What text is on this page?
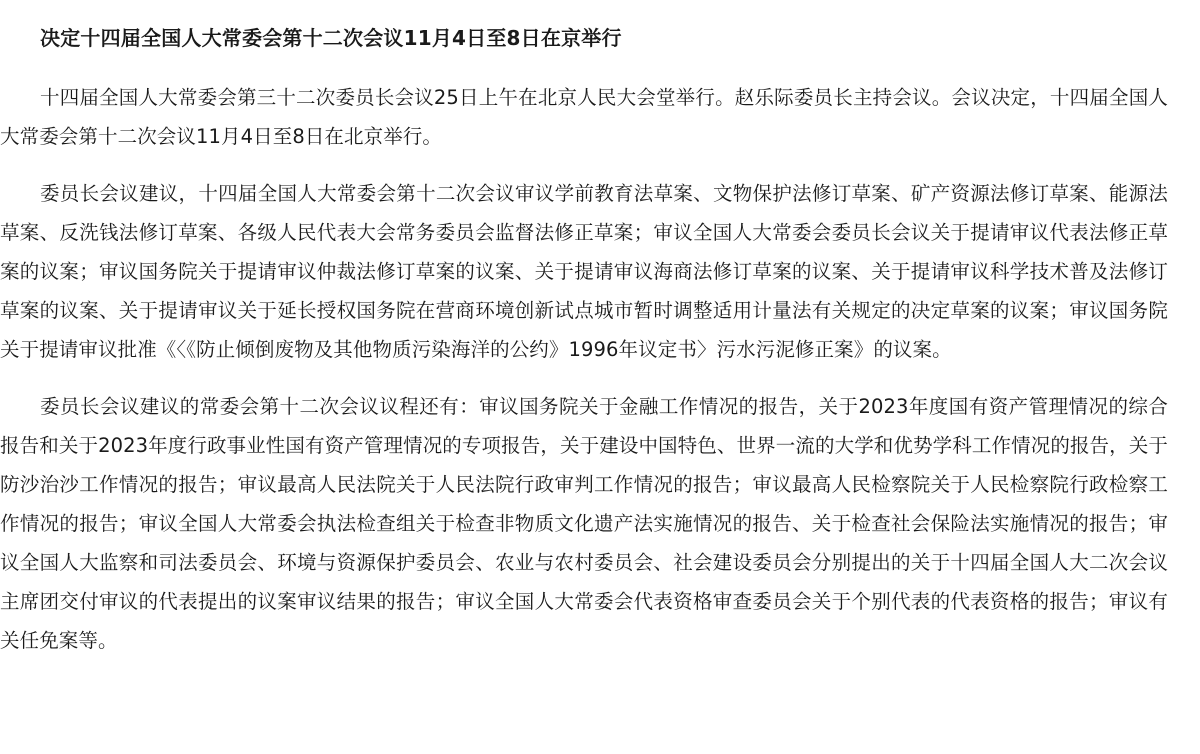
决定十四届全国人大常委会第十二次会议11月4日至8日在京举行

十四届全国人大常委会第三十二次委员长会议25日上午在北京人民大会堂举行。赵乐际委员长主持会议。会议决定，十四届全国人大常委会第十二次会议11月4日至8日在北京举行。

委员长会议建议，十四届全国人大常委会第十二次会议审议学前教育法草案、文物保护法修订草案、矿产资源法修订草案、能源法草案、反洗钱法修订草案、各级人民代表大会常务委员会监督法修正草案；审议全国人大常委会委员长会议关于提请审议代表法修正草案的议案；审议国务院关于提请审议仲裁法修订草案的议案、关于提请审议海商法修订草案的议案、关于提请审议科学技术普及法修订草案的议案、关于提请审议关于延长授权国务院在营商环境创新试点城市暂时调整适用计量法有关规定的决定草案的议案；审议国务院关于提请审议批准《〈《防止倾倒废物及其他物质污染海洋的公约》1996年议定书〉污水污泥修正案》的议案。

委员长会议建议的常委会第十二次会议议程还有：审议国务院关于金融工作情况的报告，关于2023年度国有资产管理情况的综合报告和关于2023年度行政事业性国有资产管理情况的专项报告，关于建设中国特色、世界一流的大学和优势学科工作情况的报告，关于防沙治沙工作情况的报告；审议最高人民法院关于人民法院行政审判工作情况的报告；审议最高人民检察院关于人民检察院行政检察工作情况的报告；审议全国人大常委会执法检查组关于检查非物质文化遗产法实施情况的报告、关于检查社会保险法实施情况的报告；审议全国人大监察和司法委员会、环境与资源保护委员会、农业与农村委员会、社会建设委员会分别提出的关于十四届全国人大二次会议主席团交付审议的代表提出的议案审议结果的报告；审议全国人大常委会代表资格审查委员会关于个别代表的代表资格的报告；审议有关任免案等。
